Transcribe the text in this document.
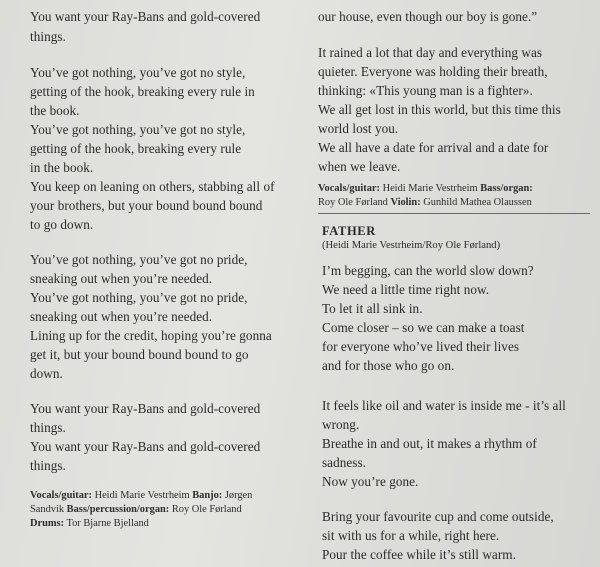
You want your Ray-Bans and gold-covered
things.
You’ve got nothing, you’ve got no style,
getting of the hook, breaking every rule in
the book.
You’ve got nothing, you’ve got no style,
getting of the hook, breaking every rule
in the book.
You keep on leaning on others, stabbing all of
your brothers, but your bound bound bound
to go down.
You’ve got nothing, you’ve got no pride,
sneaking out when you’re needed.
You’ve got nothing, you’ve got no pride,
sneaking out when you’re needed.
Lining up for the credit, hoping you’re gonna
get it, but your bound bound bound to go
down.
You want your Ray-Bans and gold-covered
things.
You want your Ray-Bans and gold-covered
things.
Vocals/guitar: Heidi Marie Vestrheim Banjo: Jørgen
Sandvik Bass/percussion/organ: Roy Ole Førland
Drums: Tor Bjarne Bjelland
our house, even though our boy is gone.”
It rained a lot that day and everything was
quieter. Everyone was holding their breath,
thinking: «This young man is a fighter».
We all get lost in this world, but this time this
world lost you.
We all have a date for arrival and a date for
when we leave.
Vocals/guitar: Heidi Marie Vestrheim Bass/organ:
Roy Ole Førland Violin: Gunhild Mathea Olaussen
FATHER
(Heidi Marie Vestrheim/Roy Ole Førland)
I’m begging, can the world slow down?
We need a little time right now.
To let it all sink in.
Come closer – so we can make a toast
for everyone who’ve lived their lives
and for those who go on.
It feels like oil and water is inside me - it’s all
wrong.
Breathe in and out, it makes a rhythm of
sadness.
Now you’re gone.
Bring your favourite cup and come outside,
sit with us for a while, right here.
Pour the coffee while it’s still warm.
